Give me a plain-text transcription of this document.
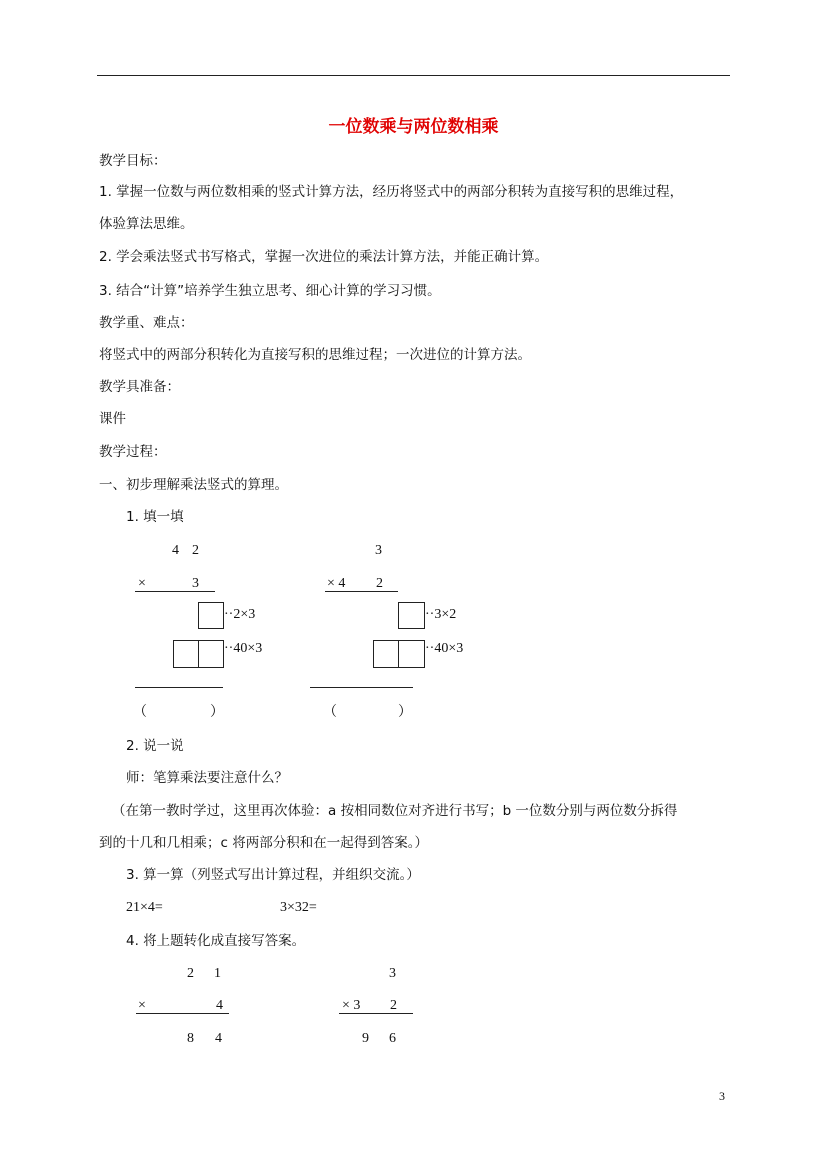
一位数乘与两位数相乘
教学目标：
1. 掌握一位数与两位数相乘的竖式计算方法，经历将竖式中的两部分积转为直接写积的思维过程，
体验算法思维。
2. 学会乘法竖式书写格式，掌握一次进位的乘法计算方法，并能正确计算。
3. 结合“计算”培养学生独立思考、细心计算的学习习惯。
教学重、难点：
将竖式中的两部分积转化为直接写积的思维过程；一次进位的计算方法。
教学具准备：
课件
教学过程：
一、初步理解乘法竖式的算理。
1. 填一填
4 2
×	3
··2×3
··40×3
（	）
3
× 4 2
··3×2
··40×3
（	）
2. 说一说
师：笔算乘法要注意什么？
（在第一教时学过，这里再次体验：a 按相同数位对齐进行书写；b 一位数分别与两位数分拆得
到的十几和几相乘；c 将两部分积和在一起得到答案。）
3. 算一算（列竖式写出计算过程，并组织交流。）
21×4=	3×32=
4. 将上题转化成直接写答案。
2 1
×	4
8 4
3
× 3 2
9 6
3
